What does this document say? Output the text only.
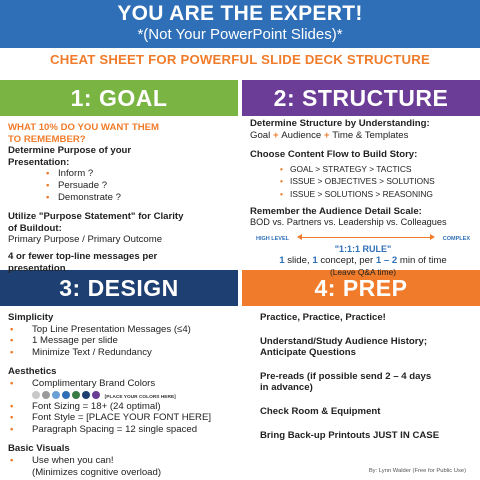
YOU ARE THE EXPERT!
*(Not Your PowerPoint Slides)*
CHEAT SHEET FOR POWERFUL SLIDE DECK STRUCTURE
1: GOAL	2: STRUCTURE
3: DESIGN	4: PREP
WHAT 10% DO YOU WANT THEM
TO REMEMBER?
Determine Purpose of your
Presentation:
• Inform ?
• Persuade ?
• Demonstrate ?
Utilize "Purpose Statement" for Clarity
of Buildout:
Primary Purpose / Primary Outcome
4 or fewer top-line messages per
presentation
Determine Structure by Understanding:
Goal + Audience + Time & Templates
Choose Content Flow to Build Story:
• GOAL > STRATEGY > TACTICS
• ISSUE > OBJECTIVES > SOLUTIONS
• ISSUE > SOLUTIONS > REASONING
Remember the Audience Detail Scale:
BOD vs. Partners vs. Leadership vs. Colleagues
HIGH LEVEL	COMPLEX
"1:1:1 RULE"
1 slide, 1 concept, per 1 – 2 min of time
(Leave Q&A time)
Simplicity
• Top Line Presentation Messages (≤4)
• 1 Message per slide
• Minimize Text / Redundancy
Aesthetics
• Complimentary Brand Colors
[PLACE YOUR COLORS HERE]
• Font Sizing = 18+ (24 optimal)
• Font Style = [PLACE YOUR FONT HERE]
• Paragraph Spacing = 12 single spaced
Basic Visuals
• Use when you can!
(Minimizes cognitive overload)
Practice, Practice, Practice!
Understand/Study Audience History;
Anticipate Questions
Pre-reads (if possible send 2 – 4 days
in advance)
Check Room & Equipment
Bring Back-up Printouts JUST IN CASE
By: Lynn Walder (Free for Public Use)
